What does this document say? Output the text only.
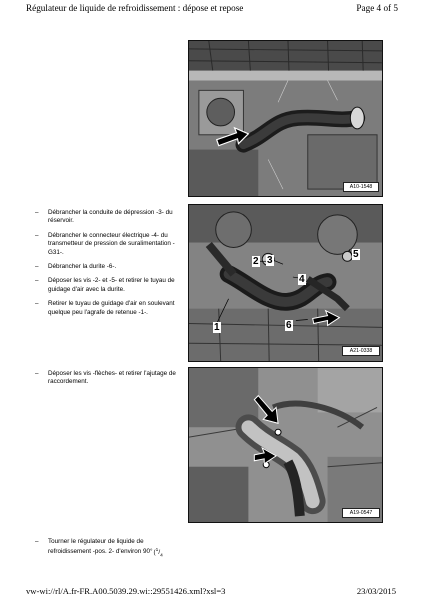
Régulateur de liquide de refroidissement : dépose et repose	Page 4 of 5
A10-1548
1
2 3
4
5
6
A21-0338
A19-0547
– Débrancher la conduite de dépression -3- du réservoir.
– Débrancher le connecteur électrique -4- du transmetteur de pression de suralimentation -G31-.
– Débrancher la durite -6-.
– Déposer les vis -2- et -5- et retirer le tuyau de guidage d'air avec la durite.
– Retirer le tuyau de guidage d'air en soulevant quelque peu l'agrafe de retenue -1-.
– Déposer les vis -flèches- et retirer l'ajutage de raccordement.
– Tourner le régulateur de liquide de refroidissement -pos. 2- d'environ $90^\circ(^1/_4$
vw-wi://rl/A.fr-FR.A00.5039.29.wi::29551426.xml?xsl=3	23/03/2015
